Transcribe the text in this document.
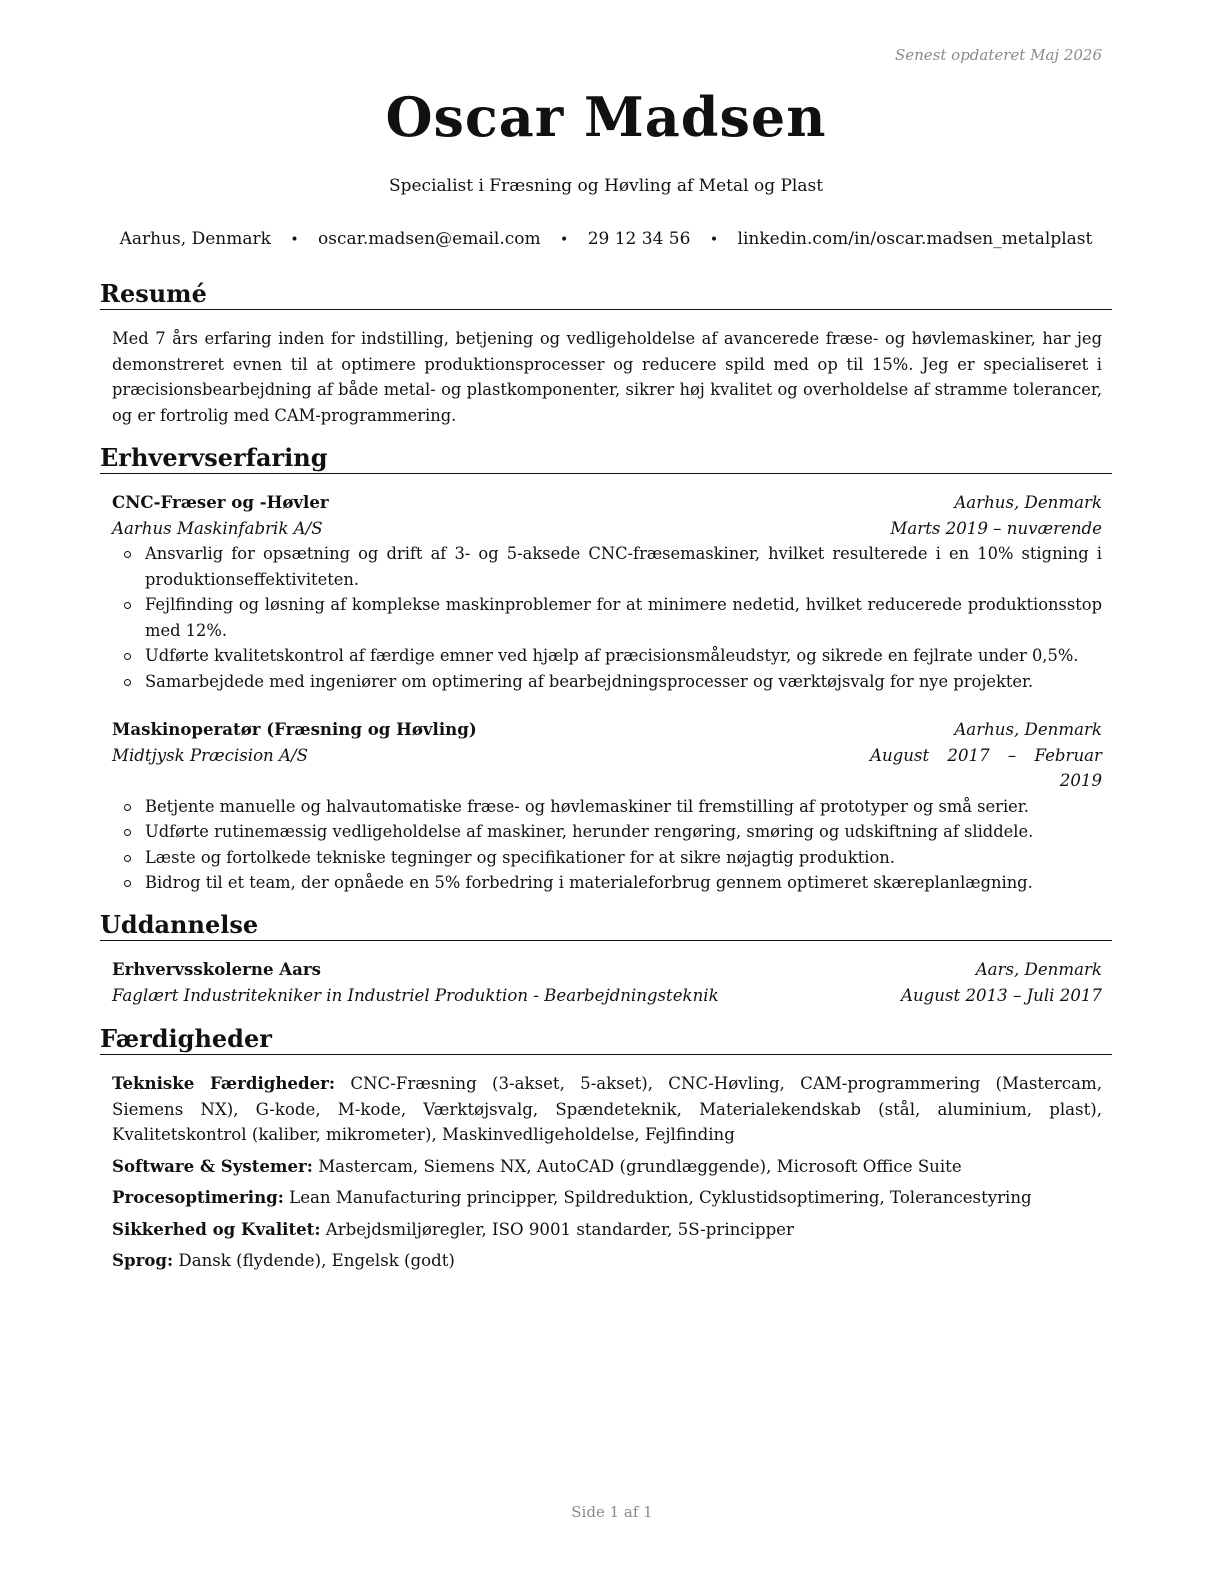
Senest opdateret Maj 2026
Oscar Madsen
Specialist i Fræsning og Høvling af Metal og Plast
Aarhus, Denmark • oscar.madsen@email.com • 29 12 34 56 • linkedin.com/in/oscar.madsen_metalplast
Resumé
Med 7 års erfaring inden for indstilling, betjening og vedligeholdelse af avancerede fræse- og høvlemaskiner, har jeg demonstreret evnen til at optimere produktionsprocesser og reducere spild med op til 15%. Jeg er specialiseret i præcisionsbearbejdning af både metal- og plastkomponenter, sikrer høj kvalitet og overholdelse af stramme tolerancer, og er fortrolig med CAM-programmering.
Erhvervserfaring
CNC-Fræser og -Høvler	Aarhus, Denmark
Aarhus Maskinfabrik A/S	Marts 2019 – nuværende
Ansvarlig for opsætning og drift af 3- og 5-aksede CNC-fræsemaskiner, hvilket resulterede i en 10% stigning i produktionseffektiviteten.
Fejlfinding og løsning af komplekse maskinproblemer for at minimere nedetid, hvilket reducerede produktionsstop med 12%.
Udførte kvalitetskontrol af færdige emner ved hjælp af præcisionsmåleudstyr, og sikrede en fejlrate under 0,5%.
Samarbejdede med ingeniører om optimering af bearbejdningsprocesser og værktøjsvalg for nye projekter.
Maskinoperatør (Fræsning og Høvling)	Aarhus, Denmark
Midtjysk Præcision A/S	August 2017 – Februar
2019
Betjente manuelle og halvautomatiske fræse- og høvlemaskiner til fremstilling af prototyper og små serier.
Udførte rutinemæssig vedligeholdelse af maskiner, herunder rengøring, smøring og udskiftning af sliddele.
Læste og fortolkede tekniske tegninger og specifikationer for at sikre nøjagtig produktion.
Bidrog til et team, der opnåede en 5% forbedring i materialeforbrug gennem optimeret skæreplanlægning.
Uddannelse
Erhvervsskolerne Aars	Aars, Denmark
Faglært Industritekniker in Industriel Produktion - Bearbejdningsteknik	August 2013 – Juli 2017
Færdigheder
Tekniske Færdigheder: CNC-Fræsning (3-akset, 5-akset), CNC-Høvling, CAM-programmering (Mastercam, Siemens NX), G-kode, M-kode, Værktøjsvalg, Spændeteknik, Materialekendskab (stål, aluminium, plast), Kvalitetskontrol (kaliber, mikrometer), Maskinvedligeholdelse, Fejlfinding
Software & Systemer: Mastercam, Siemens NX, AutoCAD (grundlæggende), Microsoft Office Suite
Procesoptimering: Lean Manufacturing principper, Spildreduktion, Cyklustidsoptimering, Tolerancestyring
Sikkerhed og Kvalitet: Arbejdsmiljøregler, ISO 9001 standarder, 5S-principper
Sprog: Dansk (flydende), Engelsk (godt)
Side 1 af 1
